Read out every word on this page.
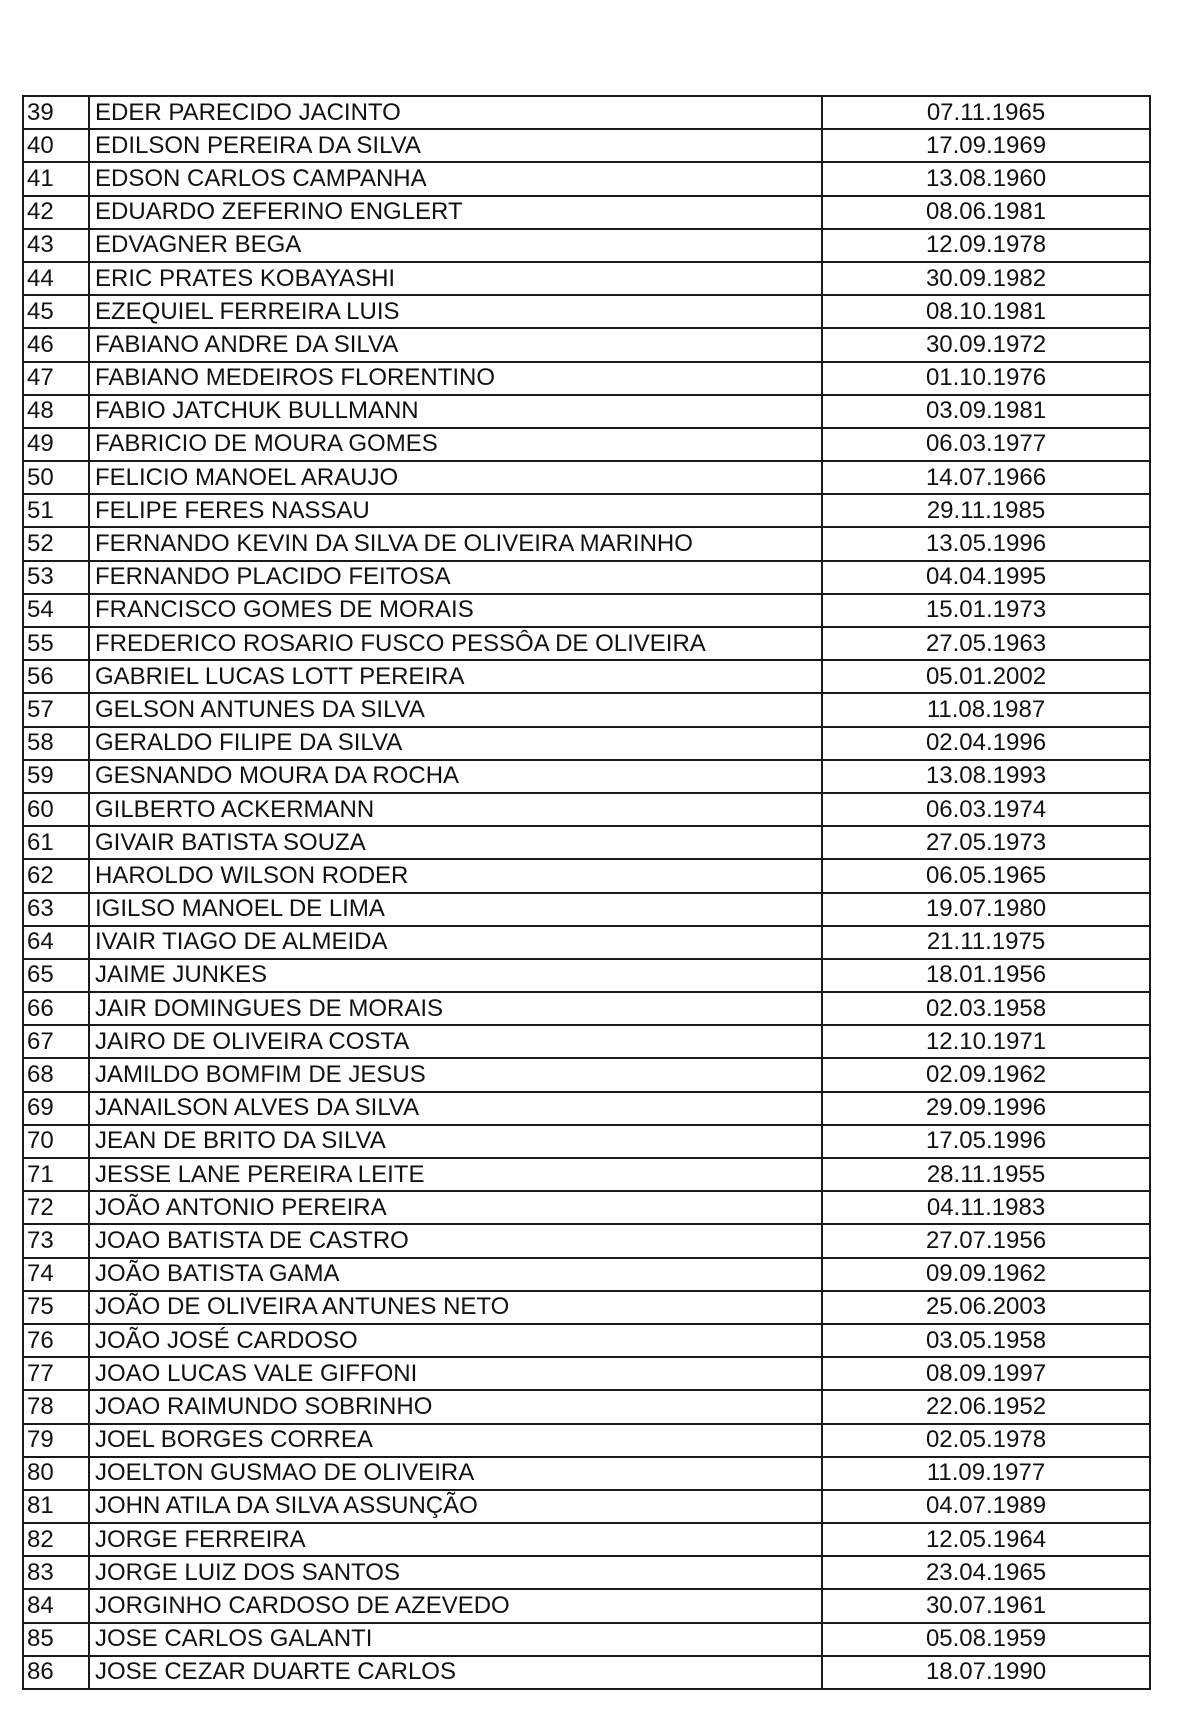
39	EDER PARECIDO JACINTO	07.11.1965
40	EDILSON PEREIRA DA SILVA	17.09.1969
41	EDSON CARLOS CAMPANHA	13.08.1960
42	EDUARDO ZEFERINO ENGLERT	08.06.1981
43	EDVAGNER BEGA	12.09.1978
44	ERIC PRATES KOBAYASHI	30.09.1982
45	EZEQUIEL FERREIRA LUIS	08.10.1981
46	FABIANO ANDRE DA SILVA	30.09.1972
47	FABIANO MEDEIROS FLORENTINO	01.10.1976
48	FABIO JATCHUK BULLMANN	03.09.1981
49	FABRICIO DE MOURA GOMES	06.03.1977
50	FELICIO MANOEL ARAUJO	14.07.1966
51	FELIPE FERES NASSAU	29.11.1985
52	FERNANDO KEVIN DA SILVA DE OLIVEIRA MARINHO	13.05.1996
53	FERNANDO PLACIDO FEITOSA	04.04.1995
54	FRANCISCO GOMES DE MORAIS	15.01.1973
55	FREDERICO ROSARIO FUSCO PESSÔA DE OLIVEIRA	27.05.1963
56	GABRIEL LUCAS LOTT PEREIRA	05.01.2002
57	GELSON ANTUNES DA SILVA	11.08.1987
58	GERALDO FILIPE DA SILVA	02.04.1996
59	GESNANDO MOURA DA ROCHA	13.08.1993
60	GILBERTO ACKERMANN	06.03.1974
61	GIVAIR BATISTA SOUZA	27.05.1973
62	HAROLDO WILSON RODER	06.05.1965
63	IGILSO MANOEL DE LIMA	19.07.1980
64	IVAIR TIAGO DE ALMEIDA	21.11.1975
65	JAIME JUNKES	18.01.1956
66	JAIR DOMINGUES DE MORAIS	02.03.1958
67	JAIRO DE OLIVEIRA COSTA	12.10.1971
68	JAMILDO BOMFIM DE JESUS	02.09.1962
69	JANAILSON ALVES DA SILVA	29.09.1996
70	JEAN DE BRITO DA SILVA	17.05.1996
71	JESSE LANE PEREIRA LEITE	28.11.1955
72	JOÃO ANTONIO PEREIRA	04.11.1983
73	JOAO BATISTA DE CASTRO	27.07.1956
74	JOÃO BATISTA GAMA	09.09.1962
75	JOÃO DE OLIVEIRA ANTUNES NETO	25.06.2003
76	JOÃO JOSÉ CARDOSO	03.05.1958
77	JOAO LUCAS VALE GIFFONI	08.09.1997
78	JOAO RAIMUNDO SOBRINHO	22.06.1952
79	JOEL BORGES CORREA	02.05.1978
80	JOELTON GUSMAO DE OLIVEIRA	11.09.1977
81	JOHN ATILA DA SILVA ASSUNÇÃO	04.07.1989
82	JORGE FERREIRA	12.05.1964
83	JORGE LUIZ DOS SANTOS	23.04.1965
84	JORGINHO CARDOSO DE AZEVEDO	30.07.1961
85	JOSE CARLOS GALANTI	05.08.1959
86	JOSE CEZAR DUARTE CARLOS	18.07.1990
